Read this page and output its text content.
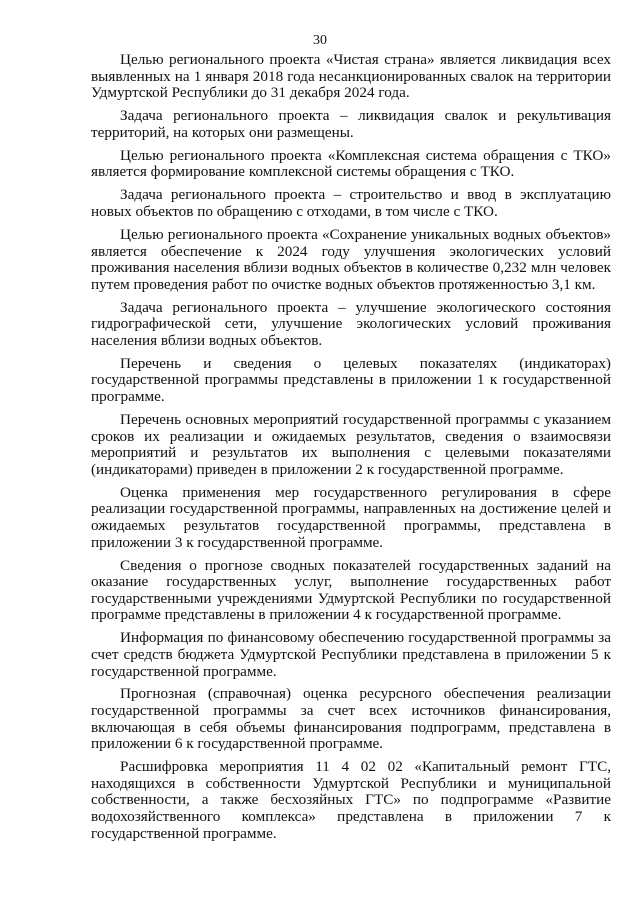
30

Целью регионального проекта «Чистая страна» является ликвидация всех выявленных на 1 января 2018 года несанкционированных свалок на территории Удмуртской Республики до 31 декабря 2024 года.

Задача регионального проекта – ликвидация свалок и рекультивация территорий, на которых они размещены.

Целью регионального проекта «Комплексная система обращения с ТКО» является формирование комплексной системы обращения с ТКО.

Задача регионального проекта – строительство и ввод в эксплуатацию новых объектов по обращению с отходами, в том числе с ТКО.

Целью регионального проекта «Сохранение уникальных водных объектов» является обеспечение к 2024 году улучшения экологических условий проживания населения вблизи водных объектов в количестве 0,232 млн человек путем проведения работ по очистке водных объектов протяженностью 3,1 км.

Задача регионального проекта – улучшение экологического состояния гидрографической сети, улучшение экологических условий проживания населения вблизи водных объектов.

Перечень и сведения о целевых показателях (индикаторах) государственной программы представлены в приложении 1 к государственной программе.

Перечень основных мероприятий государственной программы с указанием сроков их реализации и ожидаемых результатов, сведения о взаимосвязи мероприятий и результатов их выполнения с целевыми показателями (индикаторами) приведен в приложении 2 к государственной программе.

Оценка применения мер государственного регулирования в сфере реализации государственной программы, направленных на достижение целей и ожидаемых результатов государственной программы, представлена в приложении 3 к государственной программе.

Сведения о прогнозе сводных показателей государственных заданий на оказание государственных услуг, выполнение государственных работ государственными учреждениями Удмуртской Республики по государственной программе представлены в приложении 4 к государственной программе.

Информация по финансовому обеспечению государственной программы за счет средств бюджета Удмуртской Республики представлена в приложении 5 к государственной программе.

Прогнозная (справочная) оценка ресурсного обеспечения реализации государственной программы за счет всех источников финансирования, включающая в себя объемы финансирования подпрограмм, представлена в приложении 6 к государственной программе.

Расшифровка мероприятия 11 4 02 02 «Капитальный ремонт ГТС, находящихся в собственности Удмуртской Республики и муниципальной собственности, а также бесхозяйных ГТС» по подпрограмме «Развитие водохозяйственного комплекса» представлена в приложении 7 к государственной программе.
